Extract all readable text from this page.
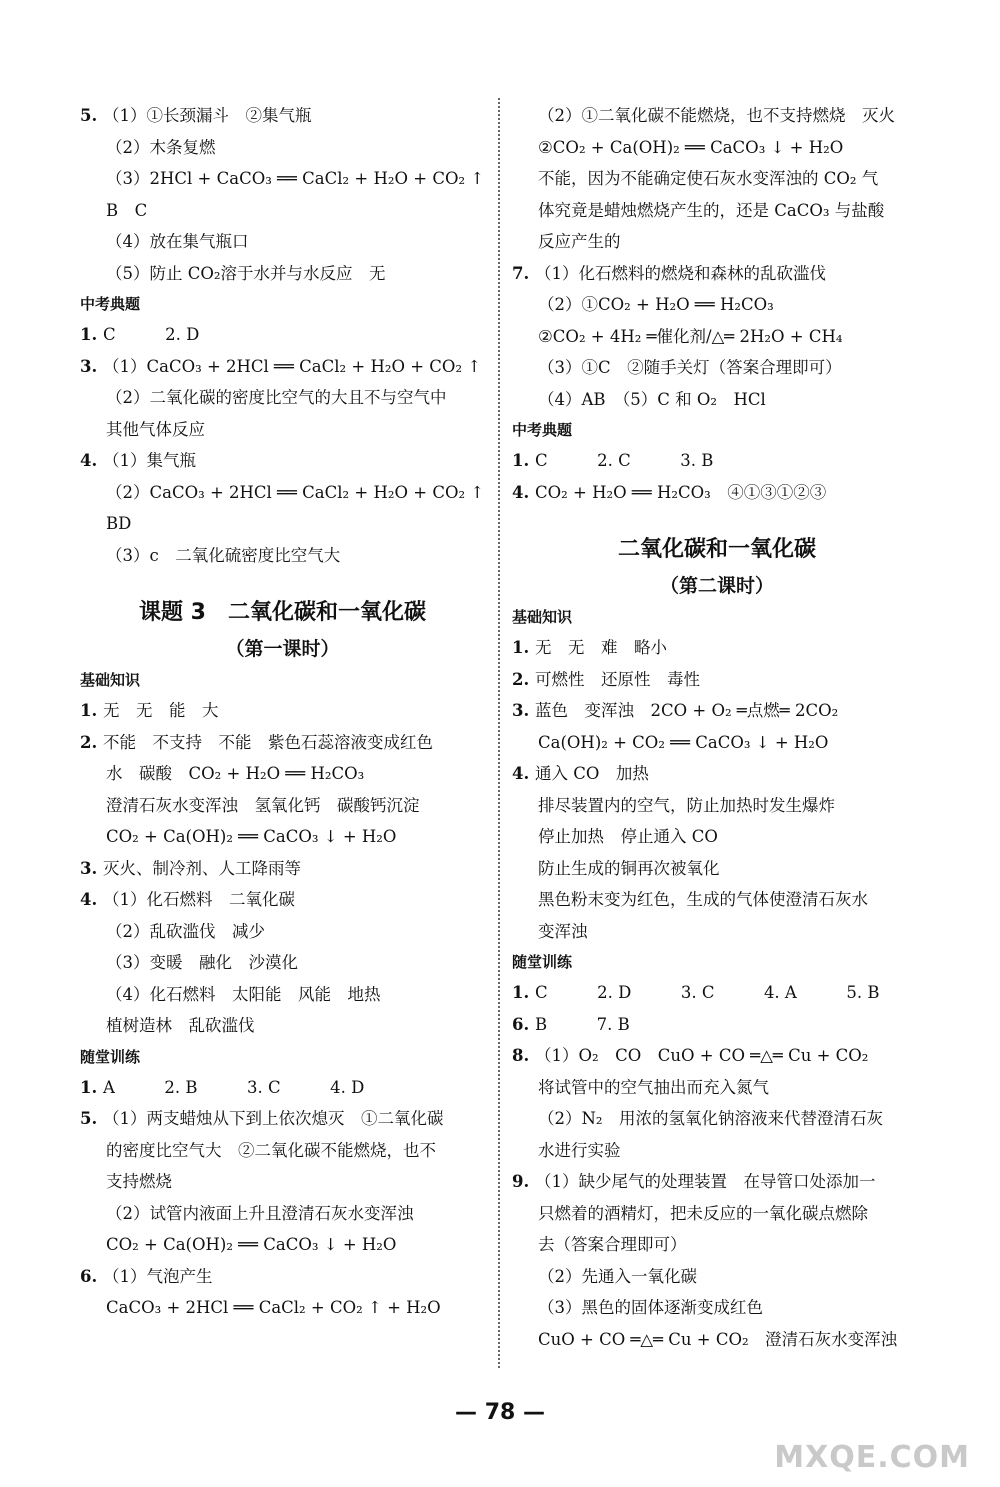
5. （1）①长颈漏斗　②集气瓶
（2）木条复燃
（3）2HCl + CaCO₃ ══ CaCl₂ + H₂O + CO₂ ↑
B　C
（4）放在集气瓶口
（5）防止 CO₂溶于水并与水反应　无
中考典题
1. C　　　2. D
3. （1）CaCO₃ + 2HCl ══ CaCl₂ + H₂O + CO₂ ↑
（2）二氧化碳的密度比空气的大且不与空气中
其他气体反应
4. （1）集气瓶
（2）CaCO₃ + 2HCl ══ CaCl₂ + H₂O + CO₂ ↑
BD
（3）c　二氧化硫密度比空气大
课题 3　二氧化碳和一氧化碳
（第一课时）
基础知识
1. 无　无　能　大
2. 不能　不支持　不能　紫色石蕊溶液变成红色
水　碳酸　CO₂ + H₂O ══ H₂CO₃
澄清石灰水变浑浊　氢氧化钙　碳酸钙沉淀
CO₂ + Ca(OH)₂ ══ CaCO₃ ↓ + H₂O
3. 灭火、制冷剂、人工降雨等
4. （1）化石燃料　二氧化碳
（2）乱砍滥伐　减少
（3）变暖　融化　沙漠化
（4）化石燃料　太阳能　风能　地热
植树造林　乱砍滥伐
随堂训练
1. A　　　2. B　　　3. C　　　4. D
5. （1）两支蜡烛从下到上依次熄灭　①二氧化碳
的密度比空气大　②二氧化碳不能燃烧，也不
支持燃烧
（2）试管内液面上升且澄清石灰水变浑浊
CO₂ + Ca(OH)₂ ══ CaCO₃ ↓ + H₂O
6. （1）气泡产生
CaCO₃ + 2HCl ══ CaCl₂ + CO₂ ↑ + H₂O
（2）①二氧化碳不能燃烧，也不支持燃烧　灭火
②CO₂ + Ca(OH)₂ ══ CaCO₃ ↓ + H₂O
不能，因为不能确定使石灰水变浑浊的 CO₂ 气
体究竟是蜡烛燃烧产生的，还是 CaCO₃ 与盐酸
反应产生的
7. （1）化石燃料的燃烧和森林的乱砍滥伐
（2）①CO₂ + H₂O ══ H₂CO₃
②CO₂ + 4H₂ ═催化剂/△═ 2H₂O + CH₄
（3）①C　②随手关灯（答案合理即可）
（4）AB　（5）C 和 O₂　HCl
中考典题
1. C　　　2. C　　　3. B
4. CO₂ + H₂O ══ H₂CO₃　④①③①②③
二氧化碳和一氧化碳
（第二课时）
基础知识
1. 无　无　难　略小
2. 可燃性　还原性　毒性
3. 蓝色　变浑浊　2CO + O₂ ═点燃═ 2CO₂
Ca(OH)₂ + CO₂ ══ CaCO₃ ↓ + H₂O
4. 通入 CO　加热
排尽装置内的空气，防止加热时发生爆炸
停止加热　停止通入 CO
防止生成的铜再次被氧化
黑色粉末变为红色，生成的气体使澄清石灰水
变浑浊
随堂训练
1. C　　　2. D　　　3. C　　　4. A　　　5. B
6. B　　　7. B
8. （1）O₂　CO　CuO + CO ═△═ Cu + CO₂
将试管中的空气抽出而充入氮气
（2）N₂　用浓的氢氧化钠溶液来代替澄清石灰
水进行实验
9. （1）缺少尾气的处理装置　在导管口处添加一
只燃着的酒精灯，把未反应的一氧化碳点燃除
去（答案合理即可）
（2）先通入一氧化碳
（3）黑色的固体逐渐变成红色
CuO + CO ═△═ Cu + CO₂　澄清石灰水变浑浊
— 78 —
MXQE.COM
